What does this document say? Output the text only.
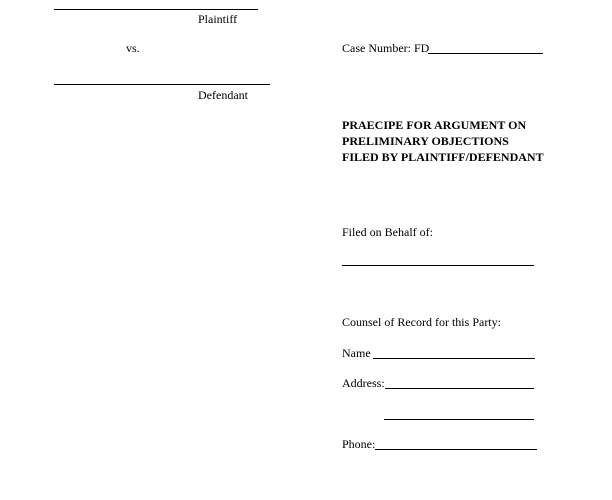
Plaintiff
vs.	Case Number: FD
Defendant
PRAECIPE FOR ARGUMENT ON
PRELIMINARY OBJECTIONS
FILED BY PLAINTIFF/DEFENDANT
Filed on Behalf of:
Counsel of Record for this Party:
Name
Address:
Phone:
